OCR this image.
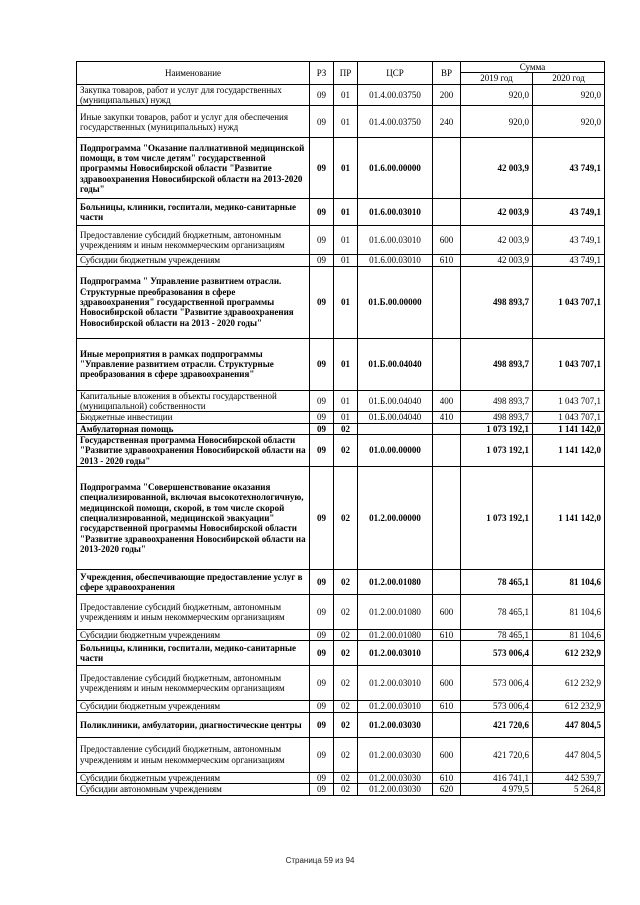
Наименование	РЗ	ПР	ЦСР	ВР	Сумма	
					2019 год	2020 год
Закупка товаров, работ и услуг для государственных (муниципальных) нужд	09	01	01.4.00.03750	200	920,0	920,0
Иные закупки товаров, работ и услуг для обеспечения государственных (муниципальных) нужд	09	01	01.4.00.03750	240	920,0	920,0
Подпрограмма "Оказание паллиативной медицинской помощи, в том числе детям" государственной программы Новосибирской области "Развитие здравоохранения Новосибирской области на 2013-2020 годы"	09	01	01.6.00.00000		42 003,9	43 749,1
Больницы, клиники, госпитали, медико-санитарные части	09	01	01.6.00.03010		42 003,9	43 749,1
Предоставление субсидий бюджетным, автономным учреждениям и иным некоммерческим организациям	09	01	01.6.00.03010	600	42 003,9	43 749,1
Субсидии бюджетным учреждениям	09	01	01.6.00.03010	610	42 003,9	43 749,1
Подпрограмма " Управление развитием отрасли. Структурные преобразования в сфере здравоохранения" государственной программы Новосибирской области "Развитие здравоохранения Новосибирской области на 2013 - 2020 годы"	09	01	01.Б.00.00000		498 893,7	1 043 707,1
Иные мероприятия в рамках подпрограммы "Управление развитием отрасли. Структурные преобразования в сфере здравоохранения"	09	01	01.Б.00.04040		498 893,7	1 043 707,1
Капитальные вложения в объекты государственной (муниципальной) собственности	09	01	01.Б.00.04040	400	498 893,7	1 043 707,1
Бюджетные инвестиции	09	01	01.Б.00.04040	410	498 893,7	1 043 707,1
Амбулаторная помощь	09	02			1 073 192,1	1 141 142,0
Государственная программа Новосибирской области "Развитие здравоохранения Новосибирской области на 2013 - 2020 годы"	09	02	01.0.00.00000		1 073 192,1	1 141 142,0
Подпрограмма "Совершенствование оказания специализированной, включая высокотехнологичную, медицинской помощи, скорой, в том числе скорой специализированной, медицинской эвакуации" государственной программы Новосибирской области "Развитие здравоохранения Новосибирской области на 2013-2020 годы"	09	02	01.2.00.00000		1 073 192,1	1 141 142,0
Учреждения, обеспечивающие предоставление услуг в сфере здравоохранения	09	02	01.2.00.01080		78 465,1	81 104,6
Предоставление субсидий бюджетным, автономным учреждениям и иным некоммерческим организациям	09	02	01.2.00.01080	600	78 465,1	81 104,6
Субсидии бюджетным учреждениям	09	02	01.2.00.01080	610	78 465,1	81 104,6
Больницы, клиники, госпитали, медико-санитарные части	09	02	01.2.00.03010		573 006,4	612 232,9
Предоставление субсидий бюджетным, автономным учреждениям и иным некоммерческим организациям	09	02	01.2.00.03010	600	573 006,4	612 232,9
Субсидии бюджетным учреждениям	09	02	01.2.00.03010	610	573 006,4	612 232,9
Поликлиники, амбулатории, диагностические центры	09	02	01.2.00.03030		421 720,6	447 804,5
Предоставление субсидий бюджетным, автономным учреждениям и иным некоммерческим организациям	09	02	01.2.00.03030	600	421 720,6	447 804,5
Субсидии бюджетным учреждениям	09	02	01.2.00.03030	610	416 741,1	442 539,7
Субсидии автономным учреждениям	09	02	01.2.00.03030	620	4 979,5	5 264,8
Страница 59 из 94
